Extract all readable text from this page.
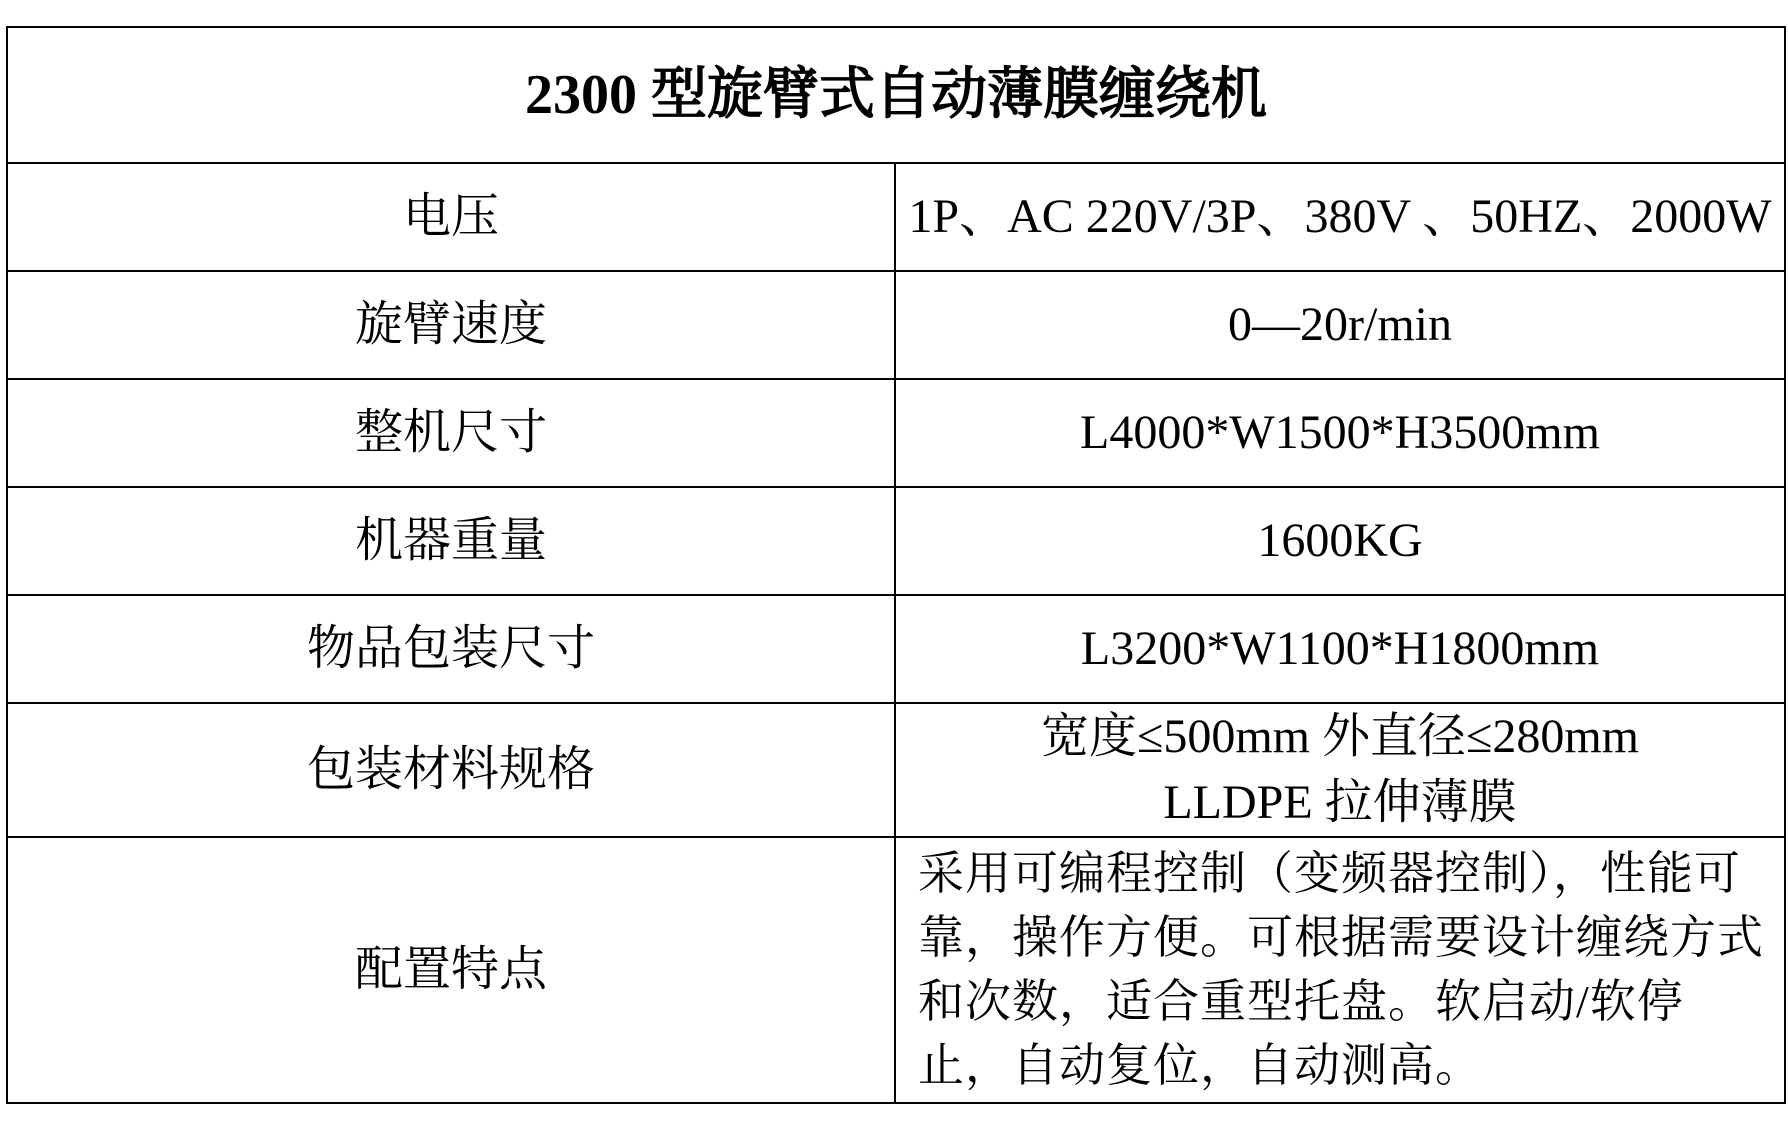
2300 型旋臂式自动薄膜缠绕机	
电压	1P、AC 220V/3P、380V 、50HZ、2000W
旋臂速度	0—20r/min
整机尺寸	L4000*W1500*H3500mm
机器重量	1600KG
物品包装尺寸	L3200*W1100*H1800mm
包装材料规格	宽度≤500mm 外直径≤280mm
LLDPE 拉伸薄膜

配置特点	采用可编程控制（变频器控制），性能可靠，操作方便。可根据需要设计缠绕方式和次数，适合重型托盘。软启动/软停止，自动复位，自动测高。
